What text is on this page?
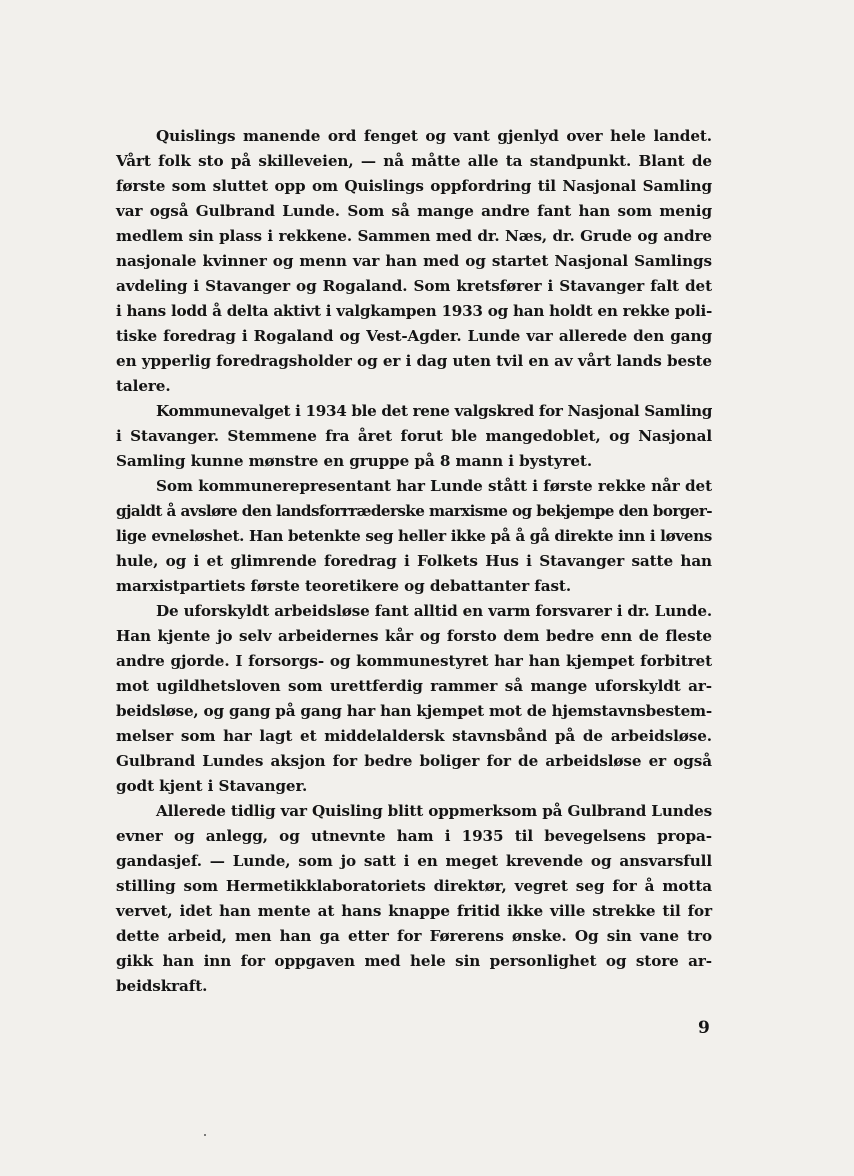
Quislings manende ord fenget og vant gjenlyd over hele landet.
Vårt folk sto på skilleveien, — nå måtte alle ta standpunkt. Blant de
første som sluttet opp om Quislings oppfordring til Nasjonal Samling
var også Gulbrand Lunde. Som så mange andre fant han som menig
medlem sin plass i rekkene. Sammen med dr. Næs, dr. Grude og andre
nasjonale kvinner og menn var han med og startet Nasjonal Samlings
avdeling i Stavanger og Rogaland. Som kretsfører i Stavanger falt det
i hans lodd å delta aktivt i valgkampen 1933 og han holdt en rekke poli-
tiske foredrag i Rogaland og Vest-Agder. Lunde var allerede den gang
en ypperlig foredragsholder og er i dag uten tvil en av vårt lands beste
talere.
Kommunevalget i 1934 ble det rene valgskred for Nasjonal Samling
i Stavanger. Stemmene fra året forut ble mangedoblet, og Nasjonal
Samling kunne mønstre en gruppe på 8 mann i bystyret.
Som kommunerepresentant har Lunde stått i første rekke når det
gjaldt å avsløre den landsforrræderske marxisme og bekjempe den borger-
lige evneløshet. Han betenkte seg heller ikke på å gå direkte inn i løvens
hule, og i et glimrende foredrag i Folkets Hus i Stavanger satte han
marxistpartiets første teoretikere og debattanter fast.
De uforskyldt arbeidsløse fant alltid en varm forsvarer i dr. Lunde.
Han kjente jo selv arbeidernes kår og forsto dem bedre enn de fleste
andre gjorde. I forsorgs- og kommunestyret har han kjempet forbitret
mot ugildhetsloven som urettferdig rammer så mange uforskyldt ar-
beidsløse, og gang på gang har han kjempet mot de hjemstavnsbestem-
melser som har lagt et middelaldersk stavnsbånd på de arbeidsløse.
Gulbrand Lundes aksjon for bedre boliger for de arbeidsløse er også
godt kjent i Stavanger.
Allerede tidlig var Quisling blitt oppmerksom på Gulbrand Lundes
evner og anlegg, og utnevnte ham i 1935 til bevegelsens propa-
gandasjef. — Lunde, som jo satt i en meget krevende og ansvarsfull
stilling som Hermetikklaboratoriets direktør, vegret seg for å motta
vervet, idet han mente at hans knappe fritid ikke ville strekke til for
dette arbeid, men han ga etter for Førerens ønske. Og sin vane tro
gikk han inn for oppgaven med hele sin personlighet og store ar-
beidskraft.
9
